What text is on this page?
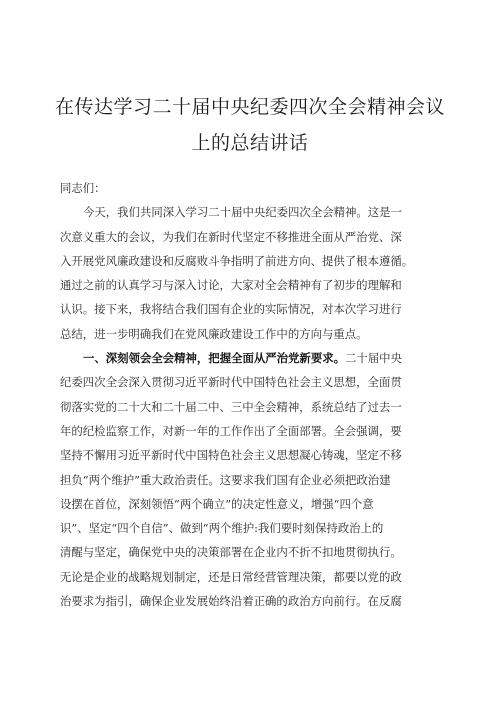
在传达学习二十届中央纪委四次全会精神会议
上的总结讲话
同志们：
今天，我们共同深入学习二十届中央纪委四次全会精神。这是一
次意义重大的会议，为我们在新时代坚定不移推进全面从严治党、深
入开展党风廉政建设和反腐败斗争指明了前进方向、提供了根本遵循。
通过之前的认真学习与深入讨论，大家对全会精神有了初步的理解和
认识。接下来，我将结合我们国有企业的实际情况，对本次学习进行
总结，进一步明确我们在党风廉政建设工作中的方向与重点。
一、深刻领会全会精神，把握全面从严治党新要求。二十届中央
纪委四次全会深入贯彻习近平新时代中国特色社会主义思想，全面贯
彻落实党的二十大和二十届二中、三中全会精神，系统总结了过去一
年的纪检监察工作，对新一年的工作作出了全面部署。全会强调，要
坚持不懈用习近平新时代中国特色社会主义思想凝心铸魂，坚定不移
担负“两个维护”重大政治责任。这要求我们国有企业必须把政治建
设摆在首位，深刻领悟“两个确立”的决定性意义，增强“四个意
识”、坚定“四个自信”、做到“两个维护:我们要时刻保持政治上的
清醒与坚定，确保党中央的决策部署在企业内不折不扣地贯彻执行。
无论是企业的战略规划制定，还是日常经营管理决策，都要以党的政
治要求为指引，确保企业发展始终沿着正确的政治方向前行。在反腐
